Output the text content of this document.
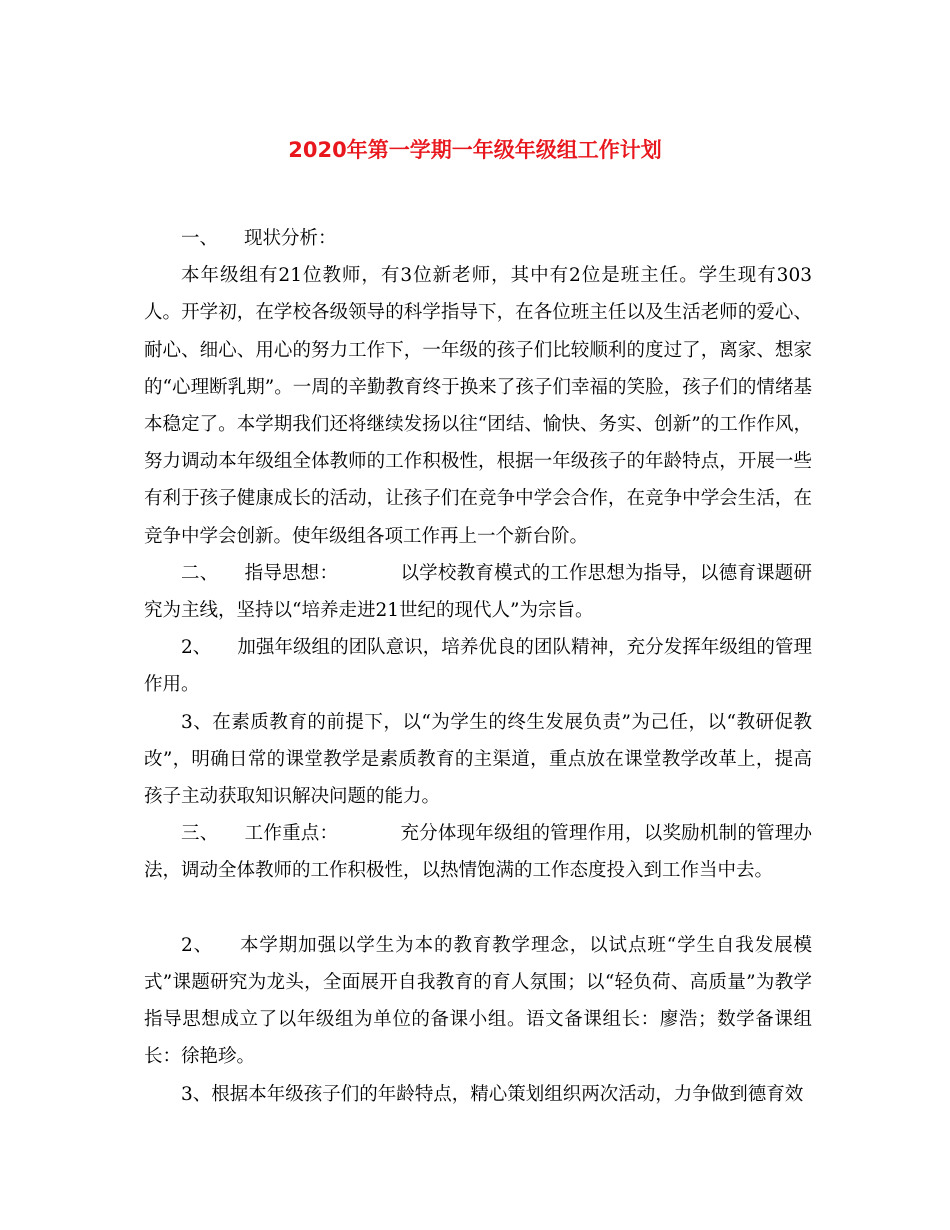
2020年第一学期一年级年级组工作计划

一、 现状分析：

本年级组有21位教师，有3位新老师，其中有2位是班主任。学生现有303人。开学初，在学校各级领导的科学指导下，在各位班主任以及生活老师的爱心、耐心、细心、用心的努力工作下，一年级的孩子们比较顺利的度过了，离家、想家的“心理断乳期”。一周的辛勤教育终于换来了孩子们幸福的笑脸，孩子们的情绪基本稳定了。本学期我们还将继续发扬以往“团结、愉快、务实、创新”的工作作风，努力调动本年级组全体教师的工作积极性，根据一年级孩子的年龄特点，开展一些有利于孩子健康成长的活动，让孩子们在竞争中学会合作，在竞争中学会生活，在竞争中学会创新。使年级组各项工作再上一个新台阶。

二、 指导思想：	以学校教育模式的工作思想为指导，以德育课题研究为主线，坚持以“培养走进21世纪的现代人”为宗旨。

2、 加强年级组的团队意识，培养优良的团队精神，充分发挥年级组的管理作用。

3、在素质教育的前提下，以“为学生的终生发展负责”为己任，以“教研促教改”，明确日常的课堂教学是素质教育的主渠道，重点放在课堂教学改革上，提高孩子主动获取知识解决问题的能力。

三、 工作重点：	充分体现年级组的管理作用，以奖励机制的管理办法，调动全体教师的工作积极性，以热情饱满的工作态度投入到工作当中去。

2、 本学期加强以学生为本的教育教学理念，以试点班“学生自我发展模式”课题研究为龙头，全面展开自我教育的育人氛围；以“轻负荷、高质量”为教学指导思想成立了以年级组为单位的备课小组。语文备课组长：廖浩；数学备课组长：徐艳珍。

3、根据本年级孩子们的年龄特点，精心策划组织两次活动，力争做到德育效
